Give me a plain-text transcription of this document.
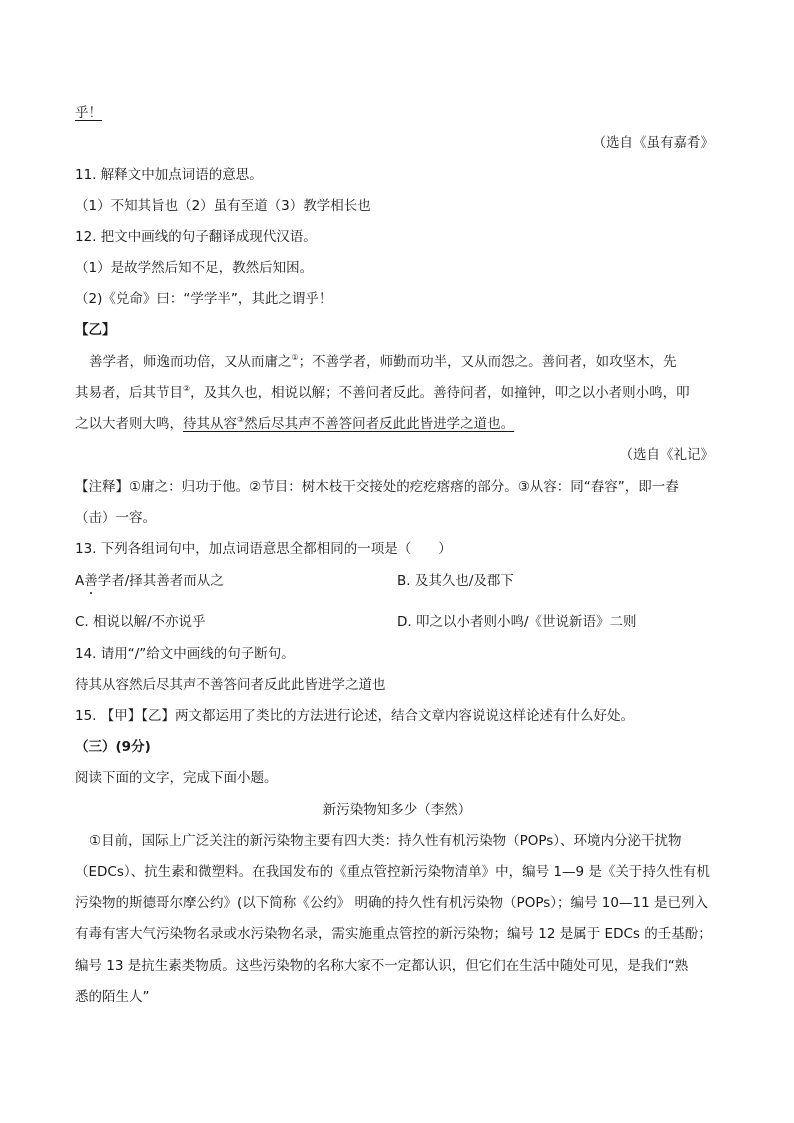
乎！
（选自《虽有嘉肴》
11. 解释文中加点词语的意思。
（1）不知其旨也（2）虽有至道（3）教学相长也
12. 把文中画线的句子翻译成现代汉语。
（1）是故学然后知不足，教然后知困。
（2)《兑命》曰：“学学半”，其此之谓乎！
【乙】
善学者，师逸而功倍，又从而庸之①；不善学者，师勤而功半，又从而怨之。善问者，如攻坚木，先
其易者，后其节目②，及其久也，相说以解；不善问者反此。善待问者，如撞钟，叩之以小者则小鸣，叩
之以大者则大鸣，待其从容③然后尽其声不善答问者反此此皆进学之道也。
（选自《礼记》
【注释】①庸之：归功于他。②节目：树木枝干交接处的疙疙瘩瘩的部分。③从容：同“舂容”，即一舂
（击）一容。
13. 下列各组词句中，加点词语意思全都相同的一项是（　　）
A善学者/择其善者而从之	B. 及其久也/及郡下
C. 相说以解/不亦说乎	D. 叩之以小者则小鸣/《世说新语》二则
14. 请用“/”给文中画线的句子断句。
待其从容然后尽其声不善答问者反此此皆进学之道也
15. 【甲】【乙】两文都运用了类比的方法进行论述，结合文章内容说说这样论述有什么好处。
（三）(9分)
阅读下面的文字，完成下面小题。
新污染物知多少（李然）
①目前，国际上广泛关注的新污染物主要有四大类：持久性有机污染物（POPs）、环境内分泌干扰物
（EDCs）、抗生素和微塑料。在我国发布的《重点管控新污染物清单》中，编号 1—9 是《关于持久性有机
污染物的斯德哥尔摩公约》(以下简称《公约》 明确的持久性有机污染物（POPs）；编号 10—11 是已列入
有毒有害大气污染物名录或水污染物名录，需实施重点管控的新污染物；编号 12 是属于 EDCs 的壬基酚；
编号 13 是抗生素类物质。这些污染物的名称大家不一定都认识，但它们在生活中随处可见，是我们“熟
悉的陌生人”
